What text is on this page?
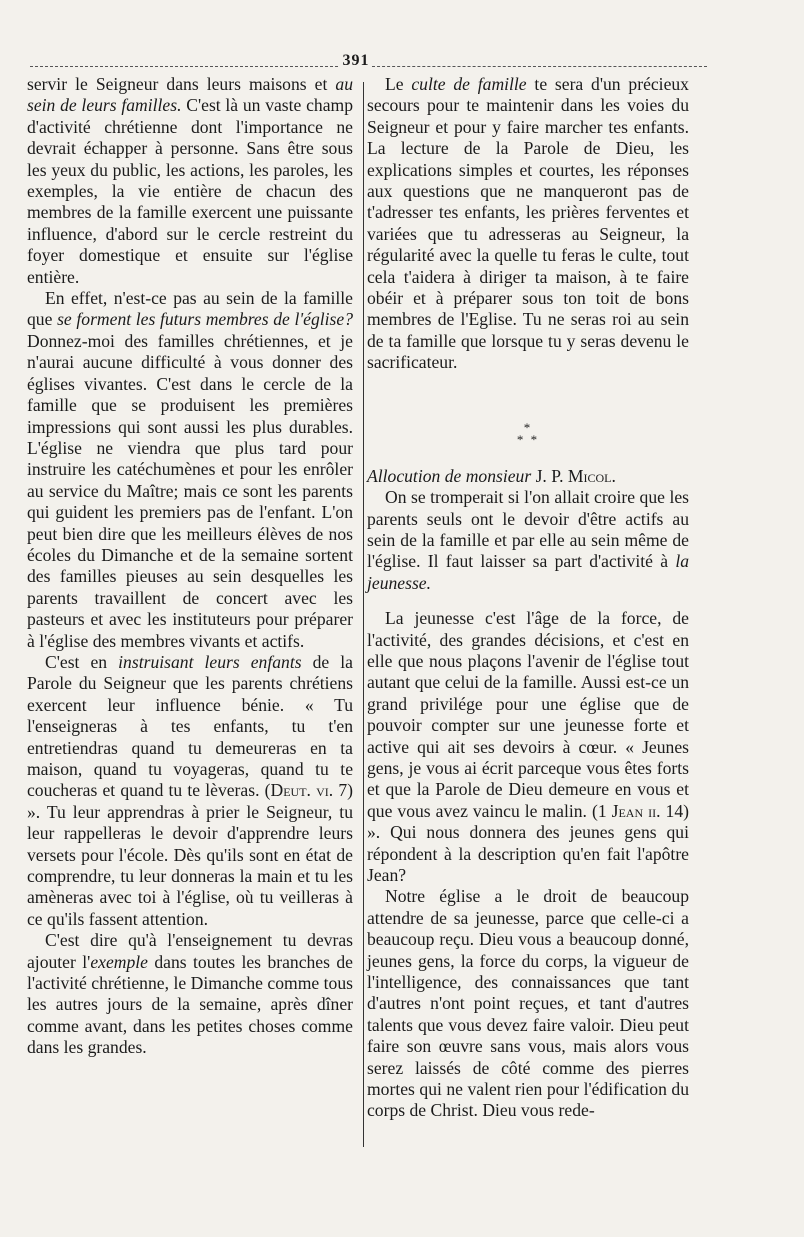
391

servir le Seigneur dans leurs maisons et au sein de leurs familles. C'est là un vaste champ d'activité chrétienne dont l'importance ne devrait échapper à personne. Sans être sous les yeux du public, les actions, les paroles, les exemples, la vie entière de chacun des membres de la famille exercent une puissante influence, d'abord sur le cercle restreint du foyer domestique et ensuite sur l'église entière.

En effet, n'est-ce pas au sein de la famille que se forment les futurs membres de l'église? Donnez-moi des familles chrétiennes, et je n'aurai aucune difficulté à vous donner des églises vivantes. C'est dans le cercle de la famille que se produisent les premières impressions qui sont aussi les plus durables. L'église ne viendra que plus tard pour instruire les catéchumènes et pour les enrôler au service du Maître; mais ce sont les parents qui guident les premiers pas de l'enfant. L'on peut bien dire que les meilleurs élèves de nos écoles du Dimanche et de la semaine sortent des familles pieuses au sein desquelles les parents travaillent de concert avec les pasteurs et avec les instituteurs pour préparer à l'église des membres vivants et actifs.

C'est en instruisant leurs enfants de la Parole du Seigneur que les parents chrétiens exercent leur influence bénie. « Tu l'enseigneras à tes enfants, tu t'en entretiendras quand tu demeureras en ta maison, quand tu voyageras, quand tu te coucheras et quand tu te lèveras. (Deut. vi. 7) ». Tu leur apprendras à prier le Seigneur, tu leur rappelleras le devoir d'apprendre leurs versets pour l'école. Dès qu'ils sont en état de comprendre, tu leur donneras la main et tu les amèneras avec toi à l'église, où tu veilleras à ce qu'ils fassent attention.

C'est dire qu'à l'enseignement tu devras ajouter l'exemple dans toutes les branches de l'activité chrétienne, le Dimanche comme tous les autres jours de la semaine, après dîner comme avant, dans les petites choses comme dans les grandes.

Le culte de famille te sera d'un précieux secours pour te maintenir dans les voies du Seigneur et pour y faire marcher tes enfants. La lecture de la Parole de Dieu, les explications simples et courtes, les réponses aux questions que ne manqueront pas de t'adresser tes enfants, les prières ferventes et variées que tu adresseras au Seigneur, la régularité avec la quelle tu feras le culte, tout cela t'aidera à diriger ta maison, à te faire obéir et à préparer sous ton toit de bons membres de l'Eglise. Tu ne seras roi au sein de ta famille que lorsque tu y seras devenu le sacrificateur.

*
* *

Allocution de monsieur J. P. Micol.

On se tromperait si l'on allait croire que les parents seuls ont le devoir d'être actifs au sein de la famille et par elle au sein même de l'église. Il faut laisser sa part d'activité à la jeunesse.

La jeunesse c'est l'âge de la force, de l'activité, des grandes décisions, et c'est en elle que nous plaçons l'avenir de l'église tout autant que celui de la famille. Aussi est-ce un grand privilége pour une église que de pouvoir compter sur une jeunesse forte et active qui ait ses devoirs à cœur. « Jeunes gens, je vous ai écrit parceque vous êtes forts et que la Parole de Dieu demeure en vous et que vous avez vaincu le malin. (1 Jean ii. 14) ». Qui nous donnera des jeunes gens qui répondent à la description qu'en fait l'apôtre Jean?

Notre église a le droit de beaucoup attendre de sa jeunesse, parce que celle-ci a beaucoup reçu. Dieu vous a beaucoup donné, jeunes gens, la force du corps, la vigueur de l'intelligence, des connaissances que tant d'autres n'ont point reçues, et tant d'autres talents que vous devez faire valoir. Dieu peut faire son œuvre sans vous, mais alors vous serez laissés de côté comme des pierres mortes qui ne valent rien pour l'édification du corps de Christ. Dieu vous rede-
